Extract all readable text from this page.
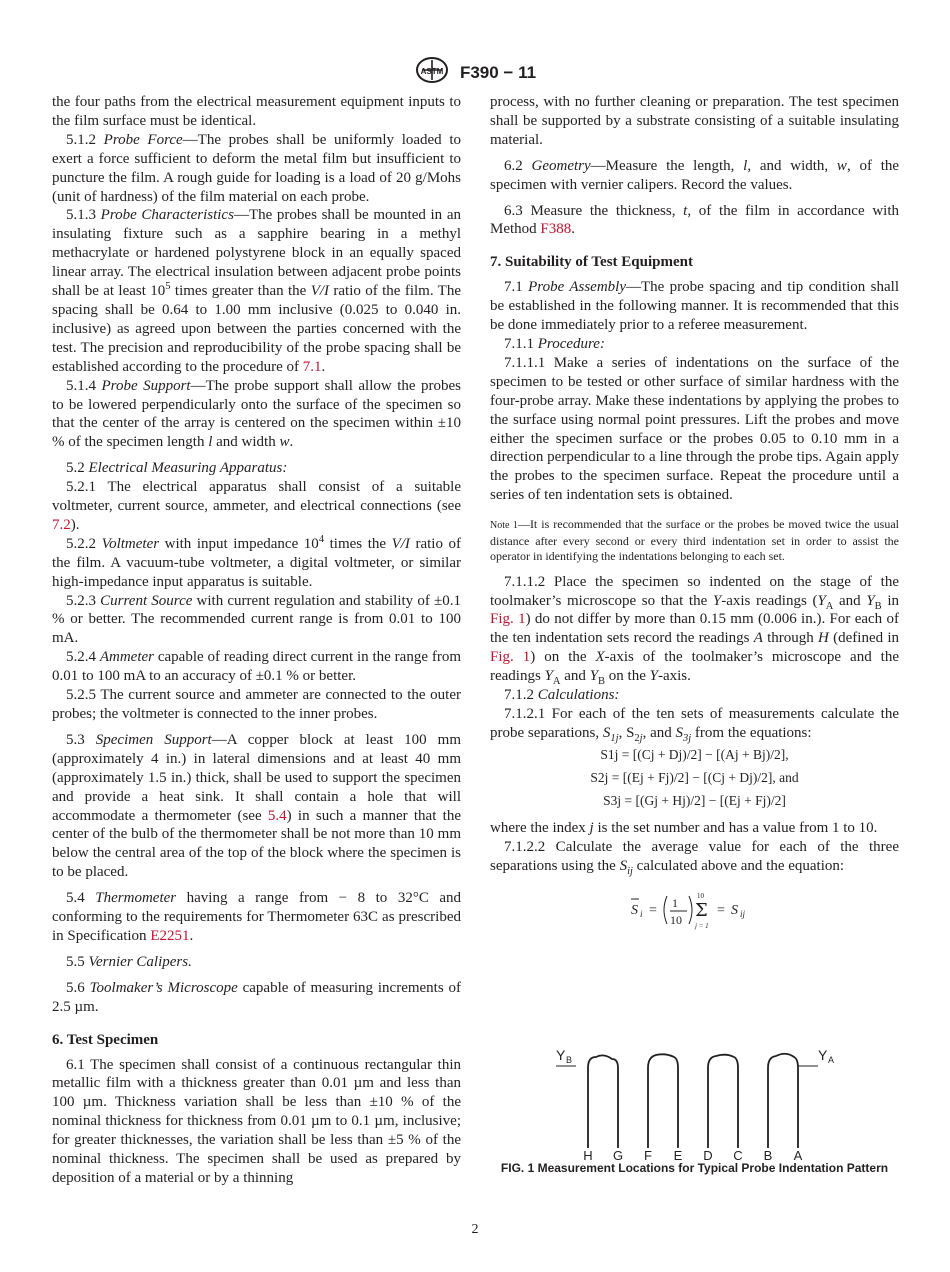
ASTM F390 − 11

the four paths from the electrical measurement equipment inputs to the film surface must be identical.

5.1.2 Probe Force—The probes shall be uniformly loaded to exert a force sufficient to deform the metal film but insufficient to puncture the film. A rough guide for loading is a load of 20 g/Mohs (unit of hardness) of the film material on each probe.

5.1.3 Probe Characteristics—The probes shall be mounted in an insulating fixture such as a sapphire bearing in a methyl methacrylate or hardened polystyrene block in an equally spaced linear array. The electrical insulation between adjacent probe points shall be at least $10^5$ times greater than the V/I ratio of the film. The spacing shall be 0.64 to 1.00 mm inclusive (0.025 to 0.040 in. inclusive) as agreed upon between the parties concerned with the test. The precision and reproducibility of the probe spacing shall be established according to the procedure of 7.1.

5.1.4 Probe Support—The probe support shall allow the probes to be lowered perpendicularly onto the surface of the specimen so that the center of the array is centered on the specimen within ±10 % of the specimen length l and width w.

5.2 Electrical Measuring Apparatus:

5.2.1 The electrical apparatus shall consist of a suitable voltmeter, current source, ammeter, and electrical connections (see 7.2).

5.2.2 Voltmeter with input impedance $10^4$ times the V/I ratio of the film. A vacuum-tube voltmeter, a digital voltmeter, or similar high-impedance input apparatus is suitable.

5.2.3 Current Source with current regulation and stability of ±0.1 % or better. The recommended current range is from 0.01 to 100 mA.

5.2.4 Ammeter capable of reading direct current in the range from 0.01 to 100 mA to an accuracy of ±0.1 % or better.

5.2.5 The current source and ammeter are connected to the outer probes; the voltmeter is connected to the inner probes.

5.3 Specimen Support—A copper block at least 100 mm (approximately 4 in.) in lateral dimensions and at least 40 mm (approximately 1.5 in.) thick, shall be used to support the specimen and provide a heat sink. It shall contain a hole that will accommodate a thermometer (see 5.4) in such a manner that the center of the bulb of the thermometer shall be not more than 10 mm below the central area of the top of the block where the specimen is to be placed.

5.4 Thermometer having a range from − 8 to 32°C and conforming to the requirements for Thermometer 63C as prescribed in Specification E2251.

5.5 Vernier Calipers.

5.6 Toolmaker’s Microscope capable of measuring increments of 2.5 µm.

6. Test Specimen

6.1 The specimen shall consist of a continuous rectangular thin metallic film with a thickness greater than 0.01 µm and less than 100 µm. Thickness variation shall be less than ±10 % of the nominal thickness for thickness from 0.01 µm to 0.1 µm, inclusive; for greater thicknesses, the variation shall be less than ±5 % of the nominal thickness. The specimen shall be used as prepared by deposition of a material or by a thinning

process, with no further cleaning or preparation. The test specimen shall be supported by a substrate consisting of a suitable insulating material.

6.2 Geometry—Measure the length, l, and width, w, of the specimen with vernier calipers. Record the values.

6.3 Measure the thickness, t, of the film in accordance with Method F388.

7. Suitability of Test Equipment

7.1 Probe Assembly—The probe spacing and tip condition shall be established in the following manner. It is recommended that this be done immediately prior to a referee measurement.

7.1.1 Procedure:

7.1.1.1 Make a series of indentations on the surface of the specimen to be tested or other surface of similar hardness with the four-probe array. Make these indentations by applying the probes to the surface using normal point pressures. Lift the probes and move either the specimen surface or the probes 0.05 to 0.10 mm in a direction perpendicular to a line through the probe tips. Again apply the probes to the specimen surface. Repeat the procedure until a series of ten indentation sets is obtained.

Note 1—It is recommended that the surface or the probes be moved twice the usual distance after every second or every third indentation set in order to assist the operator in identifying the indentations belonging to each set.

7.1.1.2 Place the specimen so indented on the stage of the toolmaker’s microscope so that the Y-axis readings ($Y_A$ and $Y_B$ in Fig. 1) do not differ by more than 0.15 mm (0.006 in.). For each of the ten indentation sets record the readings A through H (defined in Fig. 1) on the X-axis of the toolmaker’s microscope and the readings $Y_A$ and $Y_B$ on the Y-axis.

7.1.2 Calculations:

7.1.2.1 For each of the ten sets of measurements calculate the probe separations, $S_{1j}$, $S_{2j}$, and $S_{3j}$ from the equations:

S1j = [(Cj + Dj)/2] − [(Aj + Bj)/2],

S2j = [(Ej + Fj)/2] − [(Cj + Dj)/2], and

S3j = [(Gj + Hj)/2] − [(Ej + Fj)/2]

where the index j is the set number and has a value from 1 to 10.

7.1.2.2 Calculate the average value for each of the three separations using the $S_{ij}$ calculated above and the equation:

S i = 1
10
10
Σ
j = 1
= S ij
Y B	Y A
H G F E D C B A
FIG. 1 Measurement Locations for Typical Probe Indentation Pattern
2
